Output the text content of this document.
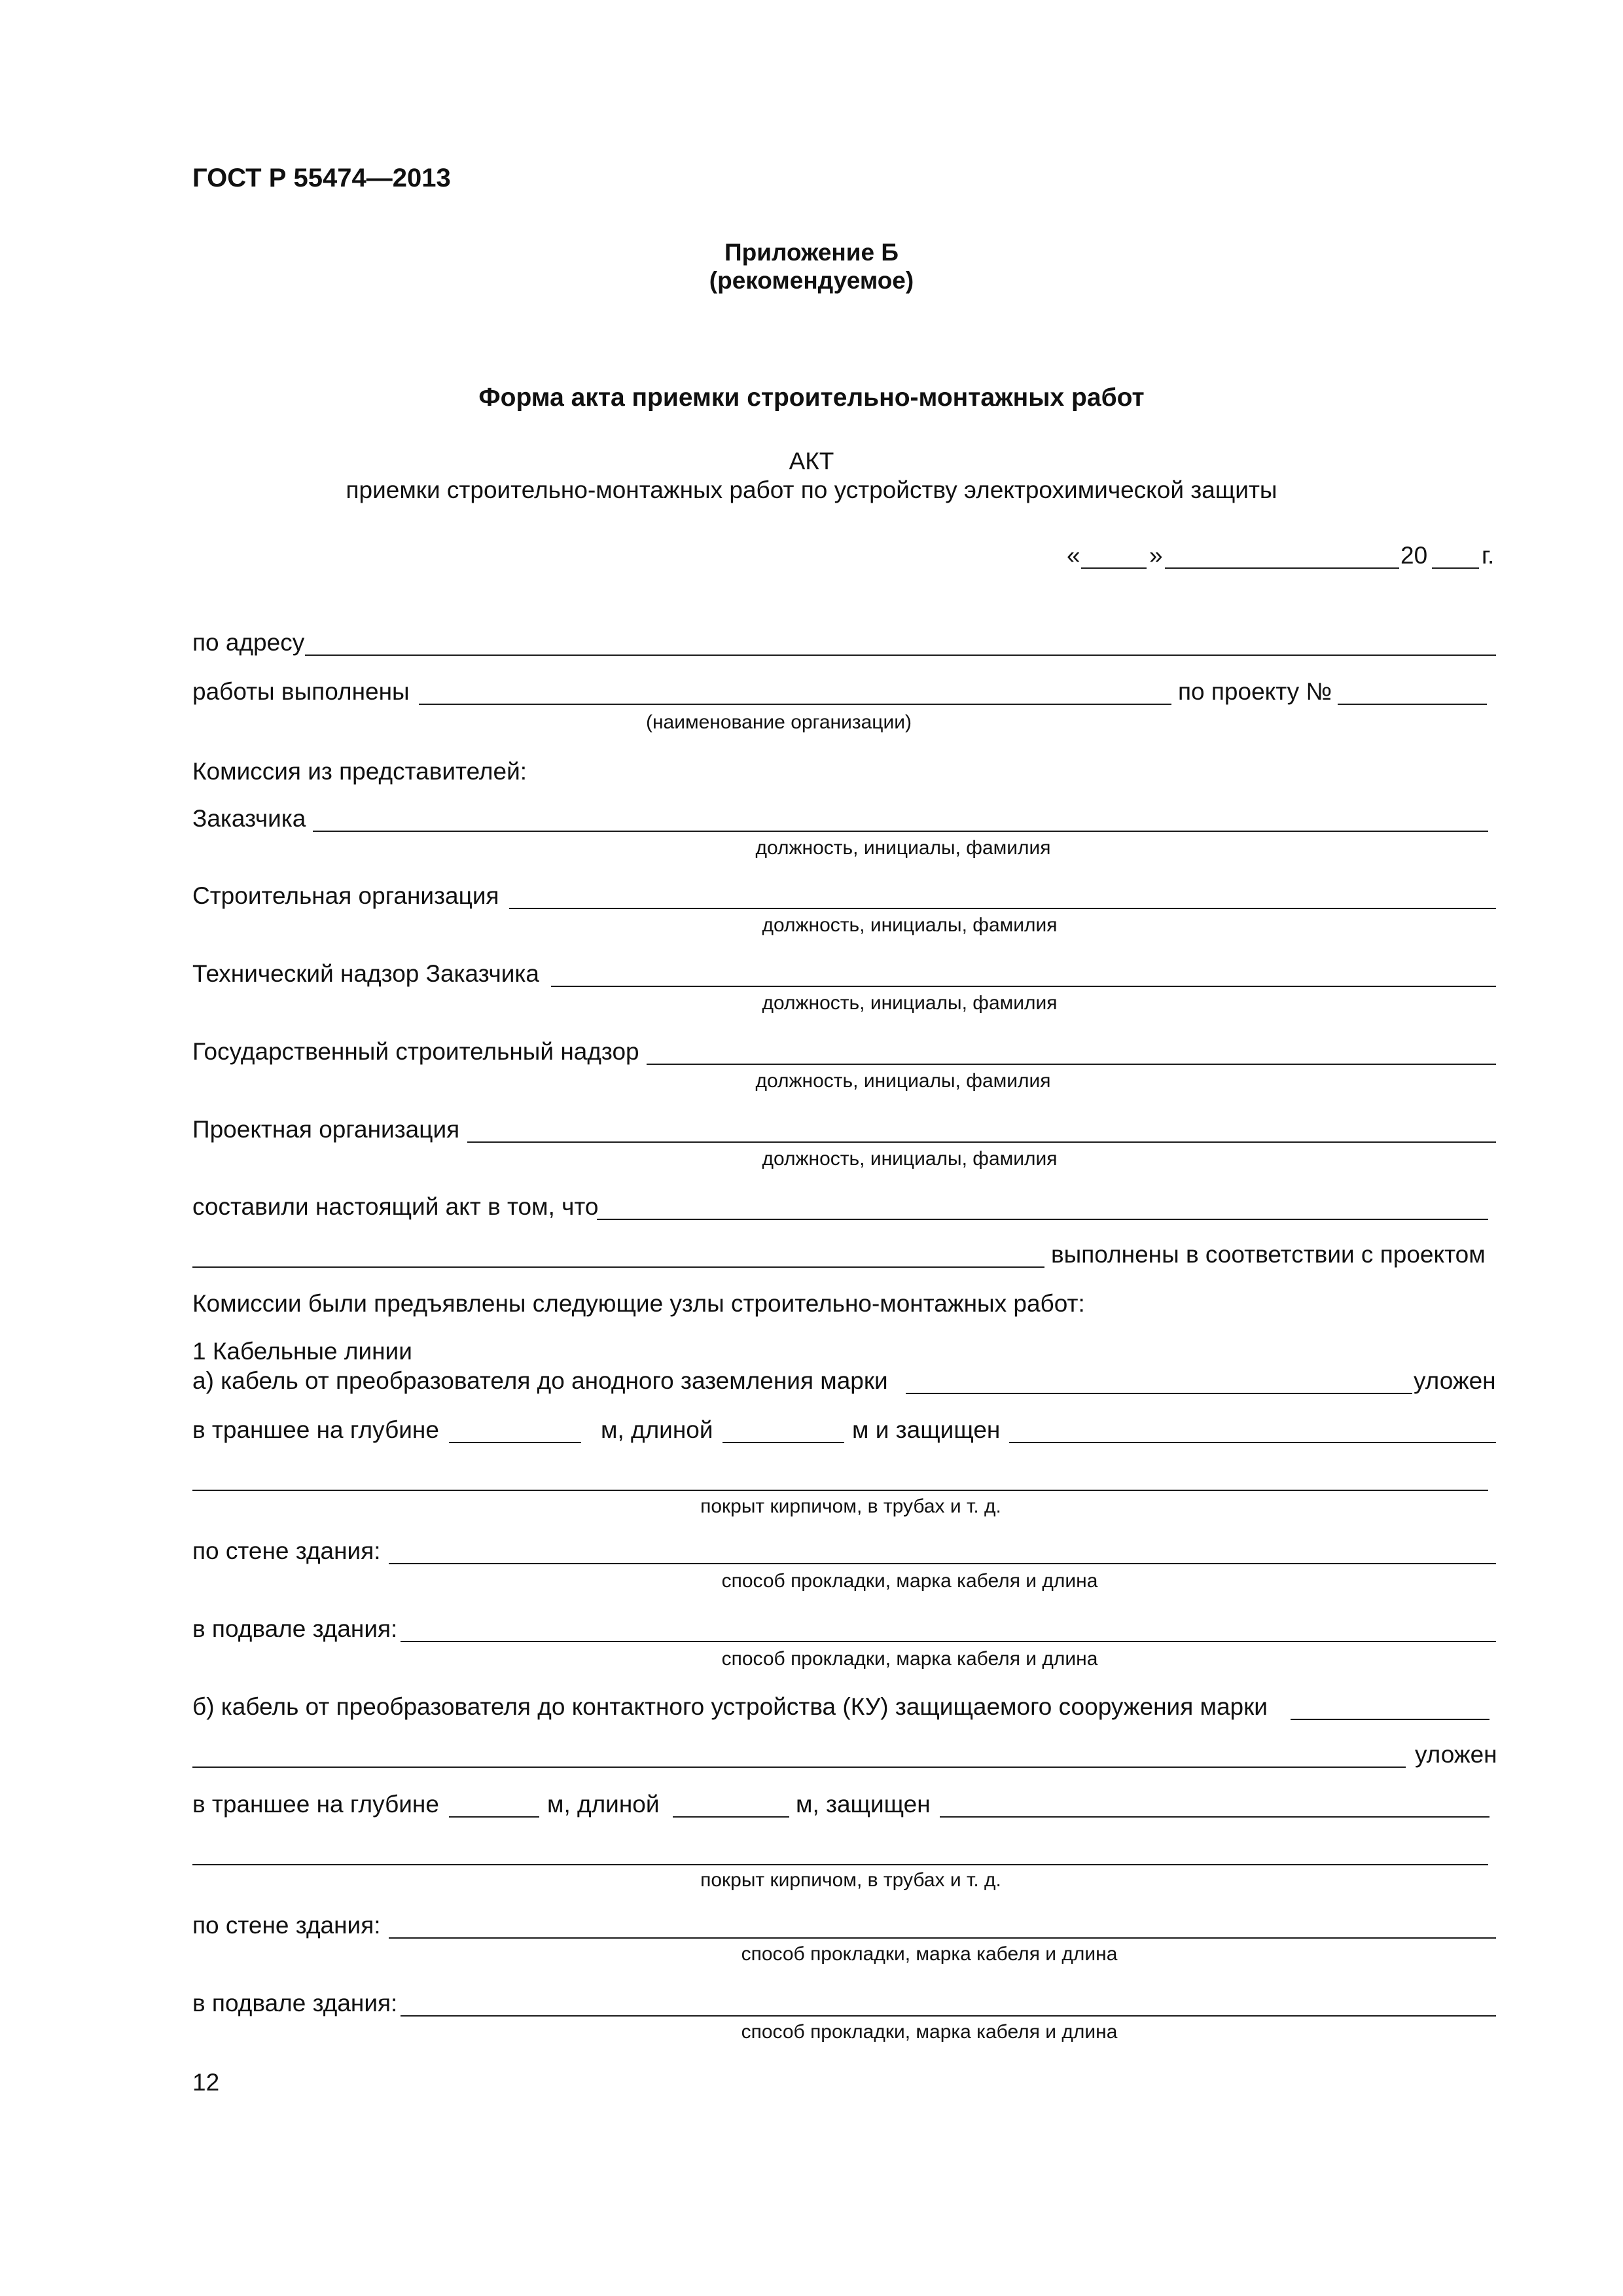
ГОСТ Р 55474—2013
Приложение Б
(рекомендуемое)
Форма акта приемки строительно-монтажных работ
АКТ
приемки строительно-монтажных работ по устройству электрохимической защиты
«	»	20 г.
по адресу
работы выполнены	по проекту №
(наименование организации)
Комиссия из представителей:
Заказчика
должность, инициалы, фамилия
Строительная организация
должность, инициалы, фамилия
Технический надзор Заказчика
должность, инициалы, фамилия
Государственный строительный надзор
должность, инициалы, фамилия
Проектная организация
должность, инициалы, фамилия
составили настоящий акт в том, что
выполнены в соответствии с проектом
Комиссии были предъявлены следующие узлы строительно-монтажных работ:
1 Кабельные линии
а) кабель от преобразователя до анодного заземления марки	уложен
в траншее на глубине	м, длиной	м и защищен
покрыт кирпичом, в трубах и т. д.
по стене здания:
способ прокладки, марка кабеля и длина
в подвале здания:
способ прокладки, марка кабеля и длина
б) кабель от преобразователя до контактного устройства (КУ) защищаемого сооружения марки
уложен
в траншее на глубине	м, длиной	м, защищен
покрыт кирпичом, в трубах и т. д.
по стене здания:
способ прокладки, марка кабеля и длина
в подвале здания:
способ прокладки, марка кабеля и длина
12
